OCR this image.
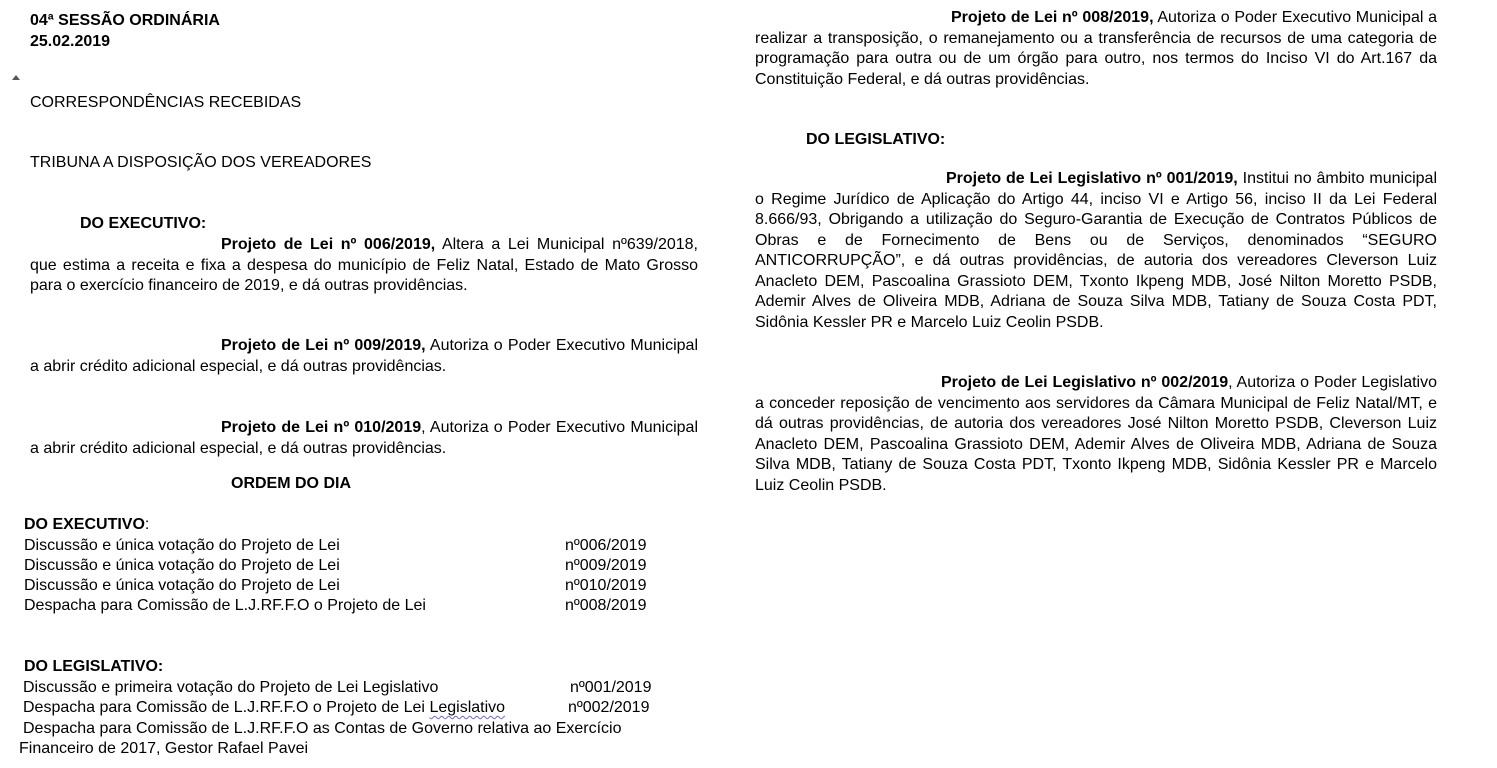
04ª SESSÃO ORDINÁRIA
25.02.2019
CORRESPONDÊNCIAS RECEBIDAS
TRIBUNA A DISPOSIÇÃO DOS VEREADORES
DO EXECUTIVO:
Projeto de Lei nº 006/2019, Altera a Lei Municipal nº639/2018, que estima a receita e fixa a despesa do município de Feliz Natal, Estado de Mato Grosso para o exercício financeiro de 2019, e dá outras providências.
Projeto de Lei nº 009/2019, Autoriza o Poder Executivo Municipal a abrir crédito adicional especial, e dá outras providências.
Projeto de Lei nº 010/2019, Autoriza o Poder Executivo Municipal a abrir crédito adicional especial, e dá outras providências.
ORDEM DO DIA
DO EXECUTIVO:
Discussão e única votação do Projeto de Lei	nº006/2019
Discussão e única votação do Projeto de Lei	nº009/2019
Discussão e única votação do Projeto de Lei	nº010/2019
Despacha para Comissão de L.J.RF.F.O o Projeto de Lei	nº008/2019
DO LEGISLATIVO:
Discussão e primeira votação do Projeto de Lei Legislativo	nº001/2019
Despacha para Comissão de L.J.RF.F.O o Projeto de Lei Legislativo	nº002/2019
Despacha para Comissão de L.J.RF.F.O as Contas de Governo relativa ao Exercício
Financeiro de 2017, Gestor Rafael Pavei
Projeto de Lei nº 008/2019, Autoriza o Poder Executivo Municipal a realizar a transposição, o remanejamento ou a transferência de recursos de uma categoria de programação para outra ou de um órgão para outro, nos termos do Inciso VI do Art.167 da Constituição Federal, e dá outras providências.
DO LEGISLATIVO:
Projeto de Lei Legislativo nº 001/2019, Institui no âmbito municipal o Regime Jurídico de Aplicação do Artigo 44, inciso VI e Artigo 56, inciso II da Lei Federal 8.666/93, Obrigando a utilização do Seguro-Garantia de Execução de Contratos Públicos de Obras e de Fornecimento de Bens ou de Serviços, denominados “SEGURO ANTICORRUPÇÃO”, e dá outras providências, de autoria dos vereadores Cleverson Luiz Anacleto DEM, Pascoalina Grassioto DEM, Txonto Ikpeng MDB, José Nilton Moretto PSDB, Ademir Alves de Oliveira MDB, Adriana de Souza Silva MDB, Tatiany de Souza Costa PDT, Sidônia Kessler PR e Marcelo Luiz Ceolin PSDB.
Projeto de Lei Legislativo nº 002/2019, Autoriza o Poder Legislativo a conceder reposição de vencimento aos servidores da Câmara Municipal de Feliz Natal/MT, e dá outras providências, de autoria dos vereadores José Nilton Moretto PSDB, Cleverson Luiz Anacleto DEM, Pascoalina Grassioto DEM, Ademir Alves de Oliveira MDB, Adriana de Souza Silva MDB, Tatiany de Souza Costa PDT, Txonto Ikpeng MDB, Sidônia Kessler PR e Marcelo Luiz Ceolin PSDB.
